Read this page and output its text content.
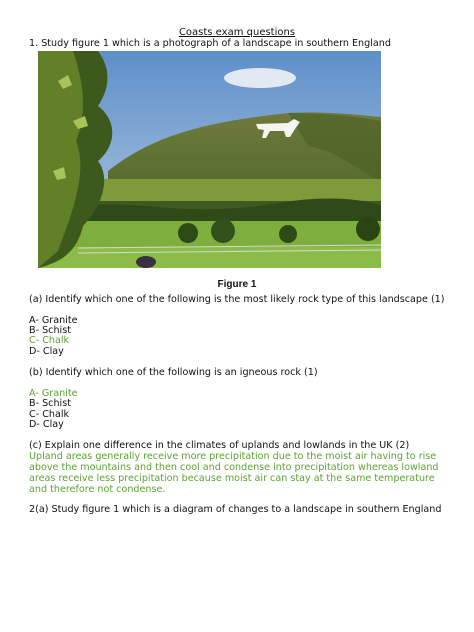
Coasts exam questions
1. Study figure 1 which is a photograph of a landscape in southern England
Figure 1
(a) Identify which one of the following is the most likely rock type of this landscape (1)
A- Granite
B- Schist
C- Chalk
D- Clay
(b) Identify which one of the following is an igneous rock (1)
A- Granite
B- Schist
C- Chalk
D- Clay
(c) Explain one difference in the climates of uplands and lowlands in the UK (2)
Upland areas generally receive more precipitation due to the moist air having to rise
above the mountains and then cool and condense into precipitation whereas lowland
areas receive less precipitation because moist air can stay at the same temperature
and therefore not condense.
2(a) Study figure 1 which is a diagram of changes to a landscape in southern England
